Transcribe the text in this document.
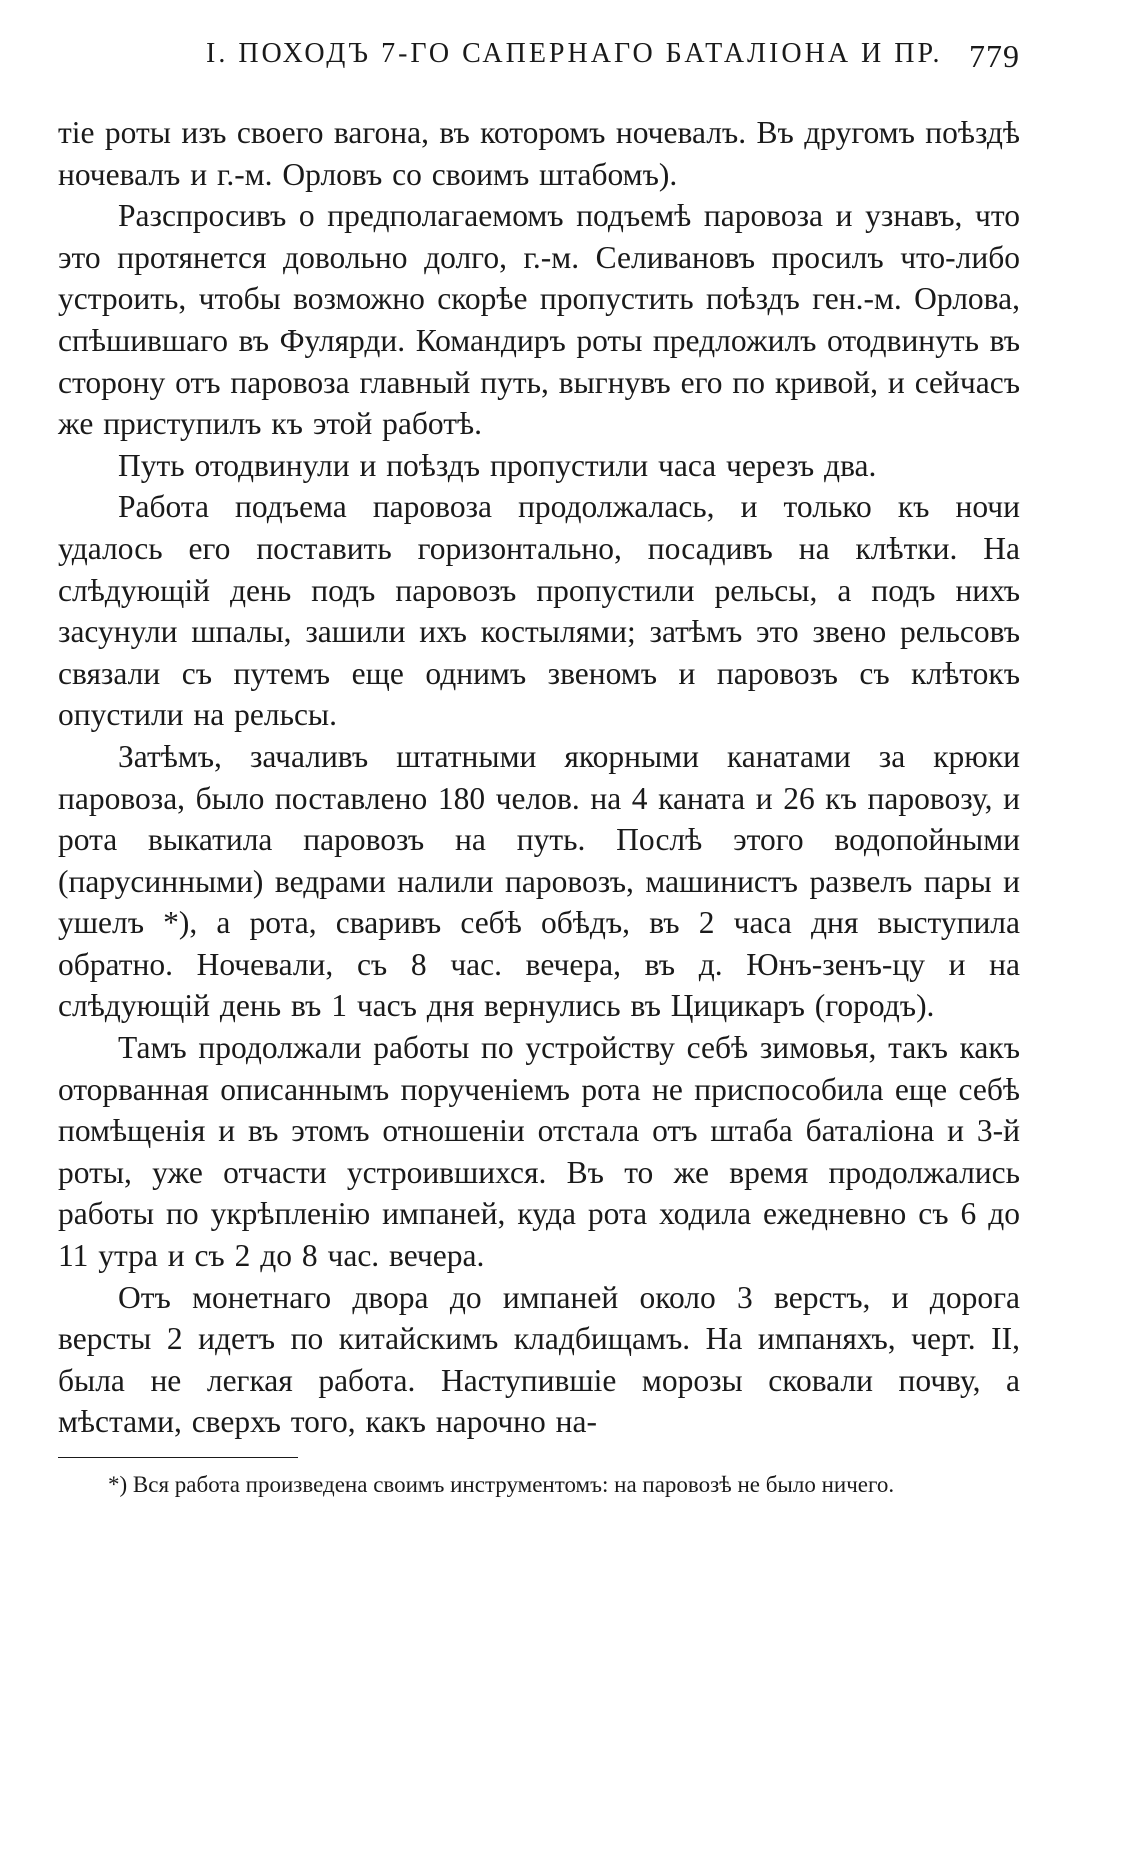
I. ПОХОДЪ 7-ГО САПЕРНАГО БАТАЛІОНА И ПР. 779

тіе роты изъ своего вагона, въ которомъ ночевалъ. Въ другомъ поѣздѣ ночевалъ и г.-м. Орловъ со своимъ штабомъ).

Разспросивъ о предполагаемомъ подъемѣ паровоза и узнавъ, что это протянется довольно долго, г.-м. Селивановъ просилъ что-либо устроить, чтобы возможно скорѣе пропустить поѣздъ ген.-м. Орлова, спѣшившаго въ Фулярди. Командиръ роты предложилъ отодвинуть въ сторону отъ паровоза главный путь, выгнувъ его по кривой, и сейчасъ же приступилъ къ этой работѣ.

Путь отодвинули и поѣздъ пропустили часа черезъ два.

Работа подъема паровоза продолжалась, и только къ ночи удалось его поставить горизонтально, посадивъ на клѣтки. На слѣдующій день подъ паровозъ пропустили рельсы, а подъ нихъ засунули шпалы, зашили ихъ костылями; затѣмъ это звено рельсовъ связали съ путемъ еще однимъ звеномъ и паровозъ съ клѣтокъ опустили на рельсы.

Затѣмъ, зачаливъ штатными якорными канатами за крюки паровоза, было поставлено 180 челов. на 4 каната и 26 къ паровозу, и рота выкатила паровозъ на путь. Послѣ этого водопойными (парусинными) ведрами налили паровозъ, машинистъ развелъ пары и ушелъ *), а рота, сваривъ себѣ обѣдъ, въ 2 часа дня выступила обратно. Ночевали, съ 8 час. вечера, въ д. Юнъ-зенъ-цу и на слѣдующій день въ 1 часъ дня вернулись въ Цицикаръ (городъ).

Тамъ продолжали работы по устройству себѣ зимовья, такъ какъ оторванная описаннымъ порученіемъ рота не приспособила еще себѣ помѣщенія и въ этомъ отношеніи отстала отъ штаба баталіона и 3-й роты, уже отчасти устроившихся. Въ то же время продолжались работы по укрѣпленію импаней, куда рота ходила ежедневно съ 6 до 11 утра и съ 2 до 8 час. вечера.

Отъ монетнаго двора до импаней около 3 верстъ, и дорога версты 2 идетъ по китайскимъ кладбищамъ. На импаняхъ, черт. II, была не легкая работа. Наступившіе морозы сковали почву, а мѣстами, сверхъ того, какъ нарочно на-

*) Вся работа произведена своимъ инструментомъ: на паровозѣ не было ничего.
